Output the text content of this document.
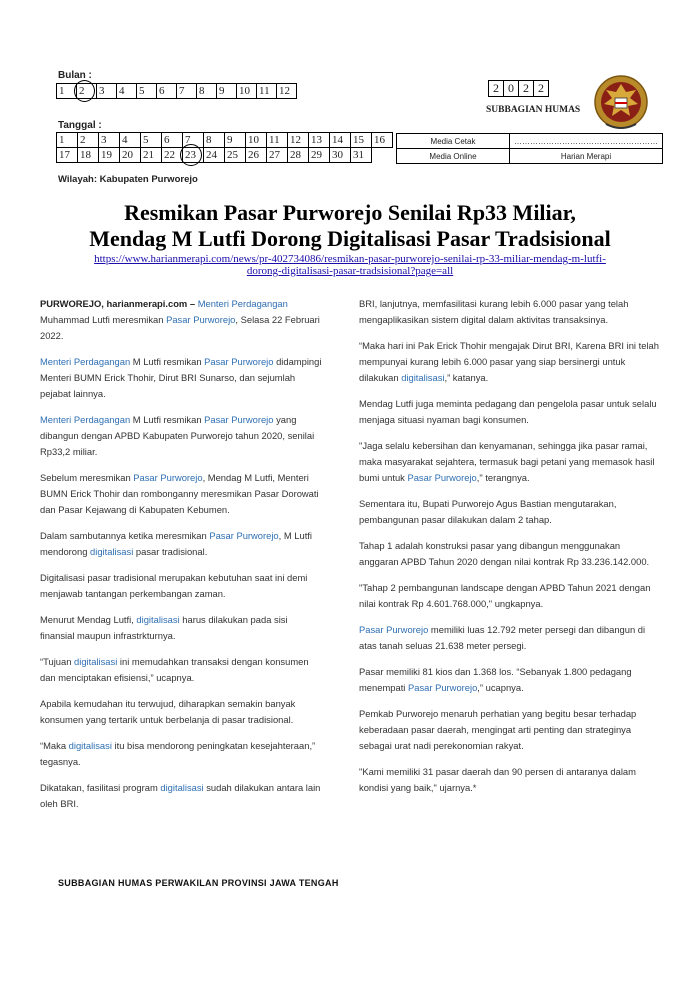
Bulan :
1	2	3	4	5	6	7	8	9	10	11	12
Tanggal :
1	2	3	4	5	6	7	8	9	10	11	12	13	14	15	16
17	18	19	20	21	22	23	24	25	26	27	28	29	30	31	
Wilayah: Kabupaten Purworejo
2	0	2	2
SUBBAGIAN HUMAS
Media Cetak	………………………………………………
Media Online	Harian Merapi
Resmikan Pasar Purworejo Senilai Rp33 Miliar,
Mendag M Lutfi Dorong Digitalisasi Pasar Tradsisional
https://www.harianmerapi.com/news/pr-402734086/resmikan-pasar-purworejo-senilai-rp-33-miliar-mendag-m-lutfi-
dorong-digitalisasi-pasar-tradsisional?page=all

PURWOREJO, harianmerapi.com – Menteri Perdagangan Muhammad Lutfi meresmikan Pasar Purworejo, Selasa 22 Februari 2022.

Menteri Perdagangan M Lutfi resmikan Pasar Purworejo didampingi Menteri BUMN Erick Thohir, Dirut BRI Sunarso, dan sejumlah pejabat lainnya.

Menteri Perdagangan M Lutfi resmikan Pasar Purworejo yang dibangun dengan APBD Kabupaten Purworejo tahun 2020, senilai Rp33,2 miliar.

Sebelum meresmikan Pasar Purworejo, Mendag M Lutfi, Menteri BUMN Erick Thohir dan rombonganny meresmikan Pasar Dorowati dan Pasar Kejawang di Kabupaten Kebumen.

Dalam sambutannya ketika meresmikan Pasar Purworejo, M Lutfi mendorong digitalisasi pasar tradisional.

Digitalisasi pasar tradisional merupakan kebutuhan saat ini demi menjawab tantangan perkembangan zaman.

Menurut Mendag Lutfi, digitalisasi harus dilakukan pada sisi finansial maupun infrastrkturnya.

“Tujuan digitalisasi ini memudahkan transaksi dengan konsumen dan menciptakan efisiensi,” ucapnya.

Apabila kemudahan itu terwujud, diharapkan semakin banyak konsumen yang tertarik untuk berbelanja di pasar tradisional.

“Maka digitalisasi itu bisa mendorong peningkatan kesejahteraan,” tegasnya.

Dikatakan, fasilitasi program digitalisasi sudah dilakukan antara lain oleh BRI.

BRI, lanjutnya, memfasilitasi kurang lebih 6.000 pasar yang telah mengaplikasikan sistem digital dalam aktivitas transaksinya.

“Maka hari ini Pak Erick Thohir mengajak Dirut BRI, Karena BRI ini telah mempunyai kurang lebih 6.000 pasar yang siap bersinergi untuk dilakukan digitalisasi,” katanya.

Mendag Lutfi juga meminta pedagang dan pengelola pasar untuk selalu menjaga situasi nyaman bagi konsumen.

"Jaga selalu kebersihan dan kenyamanan, sehingga jika pasar ramai, maka masyarakat sejahtera, termasuk bagi petani yang memasok hasil bumi untuk Pasar Purworejo," terangnya.

Sementara itu, Bupati Purworejo Agus Bastian mengutarakan, pembangunan pasar dilakukan dalam 2 tahap.

Tahap 1 adalah konstruksi pasar yang dibangun menggunakan anggaran APBD Tahun 2020 dengan nilai kontrak Rp 33.236.142.000.

"Tahap 2 pembangunan landscape dengan APBD Tahun 2021 dengan nilai kontrak Rp 4.601.768.000," ungkapnya.

Pasar Purworejo memiliki luas 12.792 meter persegi dan dibangun di atas tanah seluas 21.638 meter persegi.

Pasar memiliki 81 kios dan 1.368 los. “Sebanyak 1.800 pedagang menempati Pasar Purworejo,” ucapnya.

Pemkab Purworejo menaruh perhatian yang begitu besar terhadap keberadaan pasar daerah, mengingat arti penting dan strateginya sebagai urat nadi perekonomian rakyat.

"Kami memiliki 31 pasar daerah dan 90 persen di antaranya dalam kondisi yang baik," ujarnya.*

SUBBAGIAN HUMAS PERWAKILAN PROVINSI JAWA TENGAH
